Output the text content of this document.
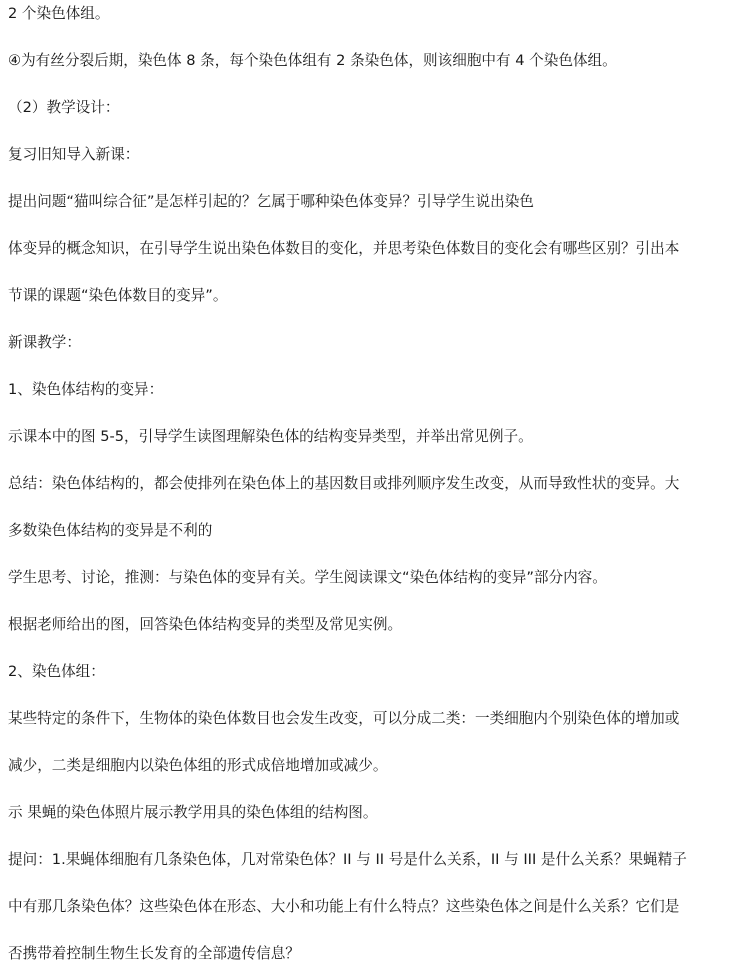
2 个染色体组。
④为有丝分裂后期，染色体 8 条，每个染色体组有 2 条染色体，则该细胞中有 4 个染色体组。
（2）教学设计：
复习旧知导入新课：
提出问题“猫叫综合征”是怎样引起的？乞属于哪种染色体变异？引导学生说出染色
体变异的概念知识，在引导学生说出染色体数目的变化，并思考染色体数目的变化会有哪些区别？引出本
节课的课题“染色体数目的变异”。
新课教学：
1、染色体结构的变异：
示课本中的图 5-5，引导学生读图理解染色体的结构变异类型，并举出常见例子。
总结：染色体结构的，都会使排列在染色体上的基因数目或排列顺序发生改变，从而导致性状的变异。大
多数染色体结构的变异是不利的
学生思考、讨论，推测：与染色体的变异有关。学生阅读课文“染色体结构的变异”部分内容。
根据老师给出的图，回答染色体结构变异的类型及常见实例。
2、染色体组：
某些特定的条件下，生物体的染色体数目也会发生改变，可以分成二类：一类细胞内个别染色体的增加或
减少，二类是细胞内以染色体组的形式成倍地增加或减少。
示 果蝇的染色体照片展示教学用具的染色体组的结构图。
提问：1.果蝇体细胞有几条染色体，几对常染色体？II 与 II 号是什么关系，II 与 III 是什么关系？果蝇精子
中有那几条染色体？这些染色体在形态、大小和功能上有什么特点？这些染色体之间是什么关系？它们是
否携带着控制生物生长发育的全部遗传信息？
